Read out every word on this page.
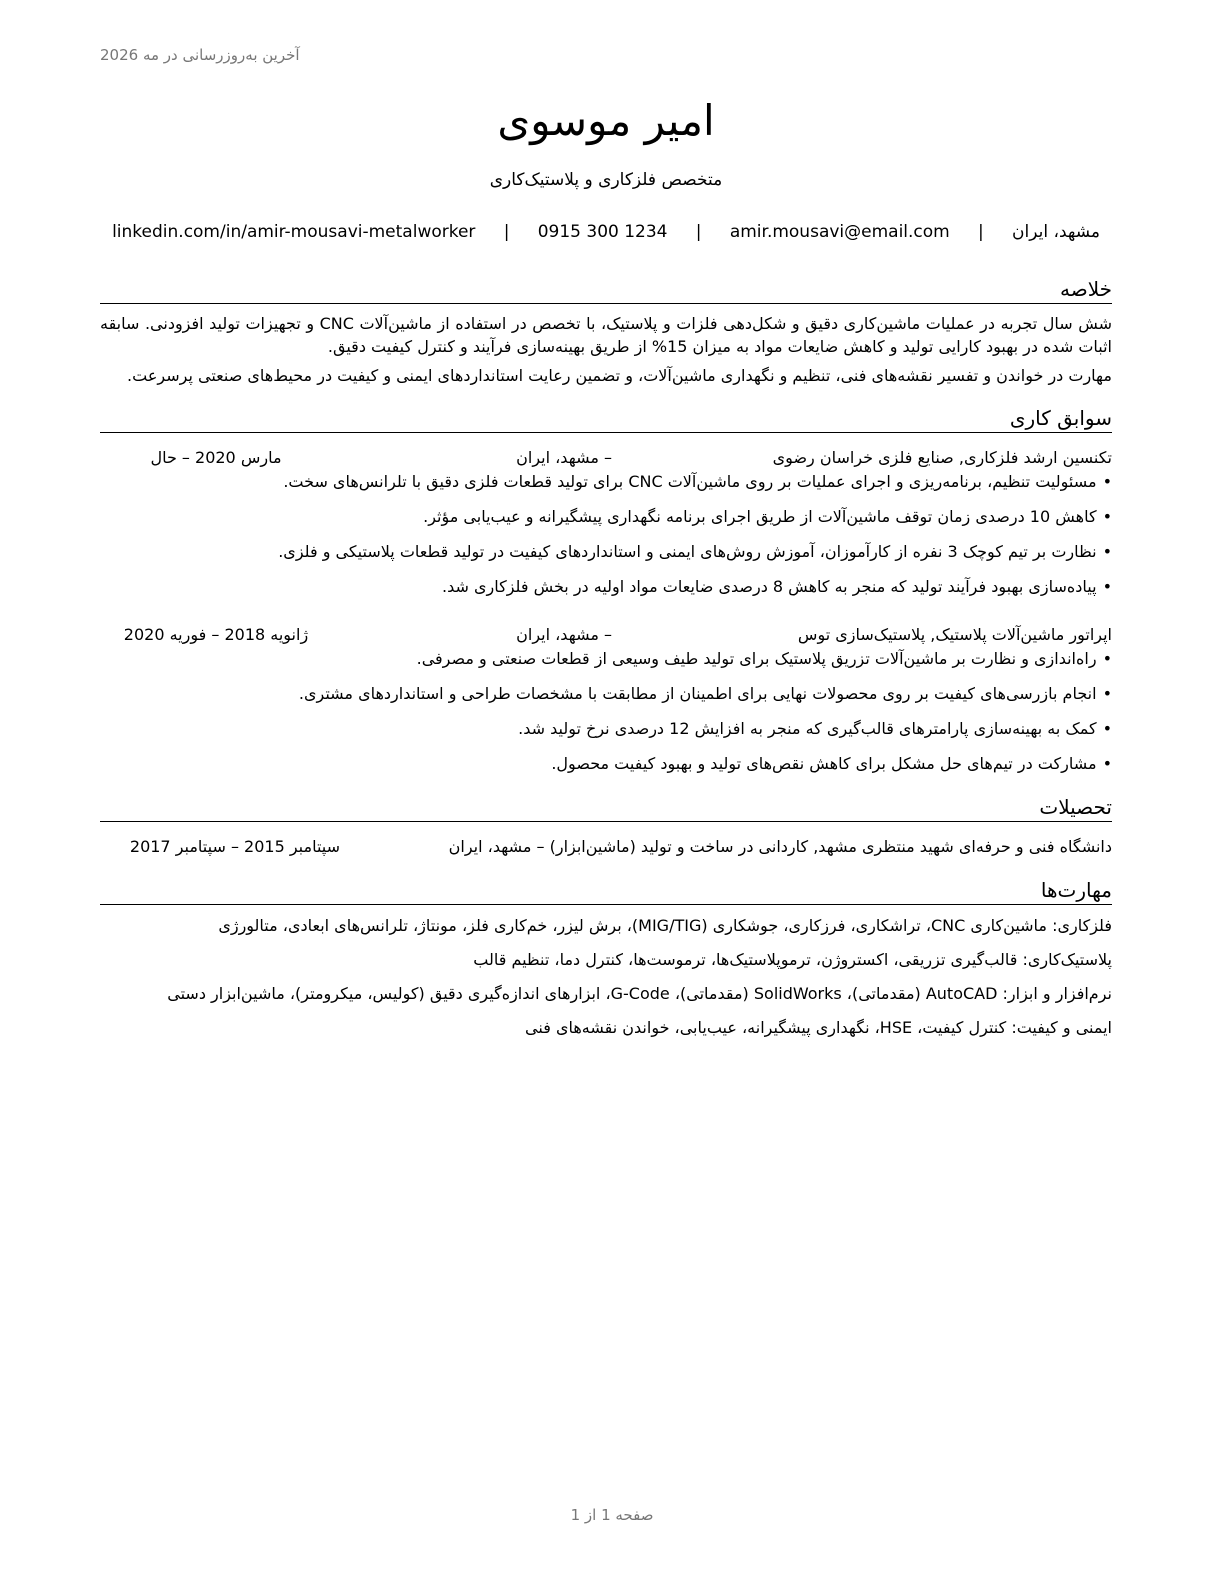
آخرین به‌روزرسانی در مه 2026
امیر موسوی
متخصص فلزکاری و پلاستیک‌کاری
مشهد، ایران
|
amir.mousavi@email.com
|
0915 300 1234
|
linkedin.com/in/amir-mousavi-metalworker
خلاصه
شش سال تجربه در عملیات ماشین‌کاری دقیق و شکل‌دهی فلزات و پلاستیک، با تخصص در استفاده از ماشین‌آلات CNC و تجهیزات تولید افزودنی. سابقه اثبات شده در بهبود کارایی تولید و کاهش ضایعات مواد به میزان 15% از طریق بهینه‌سازی فرآیند و کنترل کیفیت دقیق.
مهارت در خواندن و تفسیر نقشه‌های فنی، تنظیم و نگهداری ماشین‌آلات، و تضمین رعایت استانداردهای ایمنی و کیفیت در محیط‌های صنعتی پرسرعت.
سوابق کاری
تکنسین ارشد فلزکاری, صنایع فلزی خراسان رضوی
– مشهد، ایران
مارس 2020 – حال
• مسئولیت تنظیم، برنامه‌ریزی و اجرای عملیات بر روی ماشین‌آلات CNC برای تولید قطعات فلزی دقیق با تلرانس‌های سخت.
• کاهش 10 درصدی زمان توقف ماشین‌آلات از طریق اجرای برنامه نگهداری پیشگیرانه و عیب‌یابی مؤثر.
• نظارت بر تیم کوچک 3 نفره از کارآموزان، آموزش روش‌های ایمنی و استانداردهای کیفیت در تولید قطعات پلاستیکی و فلزی.
• پیاده‌سازی بهبود فرآیند تولید که منجر به کاهش 8 درصدی ضایعات مواد اولیه در بخش فلزکاری شد.
اپراتور ماشین‌آلات پلاستیک, پلاستیک‌سازی توس
– مشهد، ایران
ژانویه 2018 – فوریه 2020
• راه‌اندازی و نظارت بر ماشین‌آلات تزریق پلاستیک برای تولید طیف وسیعی از قطعات صنعتی و مصرفی.
• انجام بازرسی‌های کیفیت بر روی محصولات نهایی برای اطمینان از مطابقت با مشخصات طراحی و استانداردهای مشتری.
• کمک به بهینه‌سازی پارامترهای قالب‌گیری که منجر به افزایش 12 درصدی نرخ تولید شد.
• مشارکت در تیم‌های حل مشکل برای کاهش نقص‌های تولید و بهبود کیفیت محصول.
تحصیلات
دانشگاه فنی و حرفه‌ای شهید منتظری مشهد, کاردانی در ساخت و تولید (ماشین‌ابزار) – مشهد، ایران
سپتامبر 2015 – سپتامبر 2017
مهارت‌ها
فلزکاری: ماشین‌کاری CNC، تراشکاری، فرزکاری، جوشکاری (MIG/TIG)، برش لیزر، خم‌کاری فلز، مونتاژ، تلرانس‌های ابعادی، متالورژی
پلاستیک‌کاری: قالب‌گیری تزریقی، اکستروژن، ترموپلاستیک‌ها، ترموست‌ها، کنترل دما، تنظیم قالب
نرم‌افزار و ابزار: AutoCAD (مقدماتی)، SolidWorks (مقدماتی)، G-Code، ابزارهای اندازه‌گیری دقیق (کولیس، میکرومتر)، ماشین‌ابزار دستی
ایمنی و کیفیت: کنترل کیفیت، HSE، نگهداری پیشگیرانه، عیب‌یابی، خواندن نقشه‌های فنی
صفحه 1 از 1
